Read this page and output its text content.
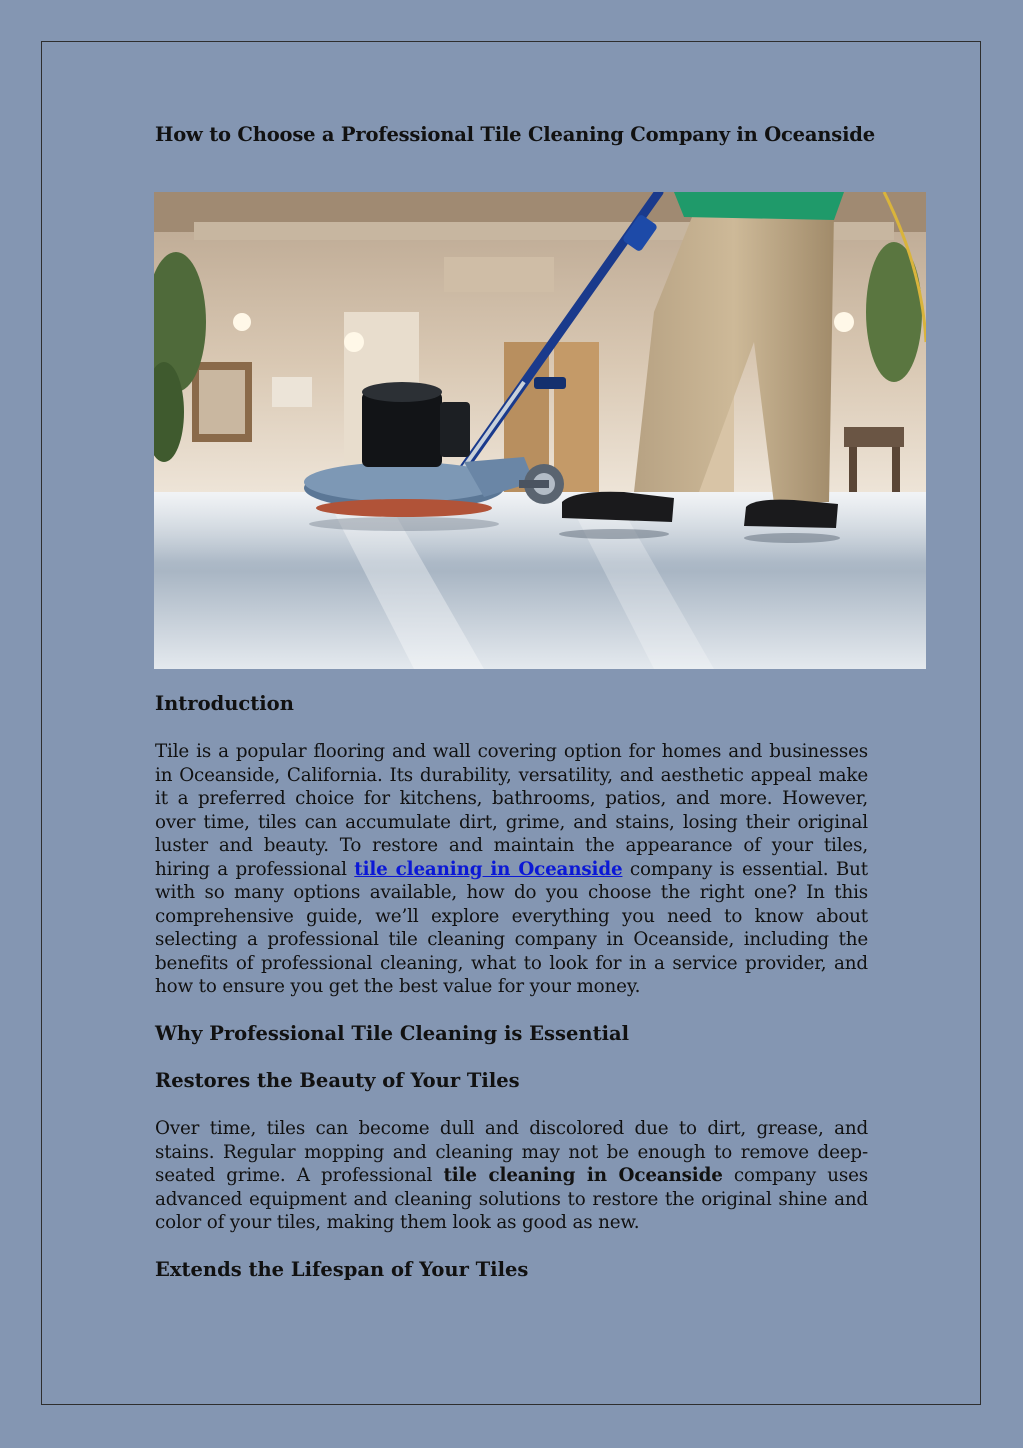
How to Choose a Professional Tile Cleaning Company in Oceanside
Introduction

Tile is a popular flooring and wall covering option for homes and businesses in Oceanside, California. Its durability, versatility, and aesthetic appeal make it a preferred choice for kitchens, bathrooms, patios, and more. However, over time, tiles can accumulate dirt, grime, and stains, losing their original luster and beauty. To restore and maintain the appearance of your tiles, hiring a professional tile cleaning in Oceanside company is essential. But with so many options available, how do you choose the right one? In this comprehensive guide, we’ll explore everything you need to know about selecting a professional tile cleaning company in Oceanside, including the benefits of professional cleaning, what to look for in a service provider, and how to ensure you get the best value for your money.

Why Professional Tile Cleaning is Essential
Restores the Beauty of Your Tiles

Over time, tiles can become dull and discolored due to dirt, grease, and stains. Regular mopping and cleaning may not be enough to remove deep-seated grime. A professional tile cleaning in Oceanside company uses advanced equipment and cleaning solutions to restore the original shine and color of your tiles, making them look as good as new.

Extends the Lifespan of Your Tiles
